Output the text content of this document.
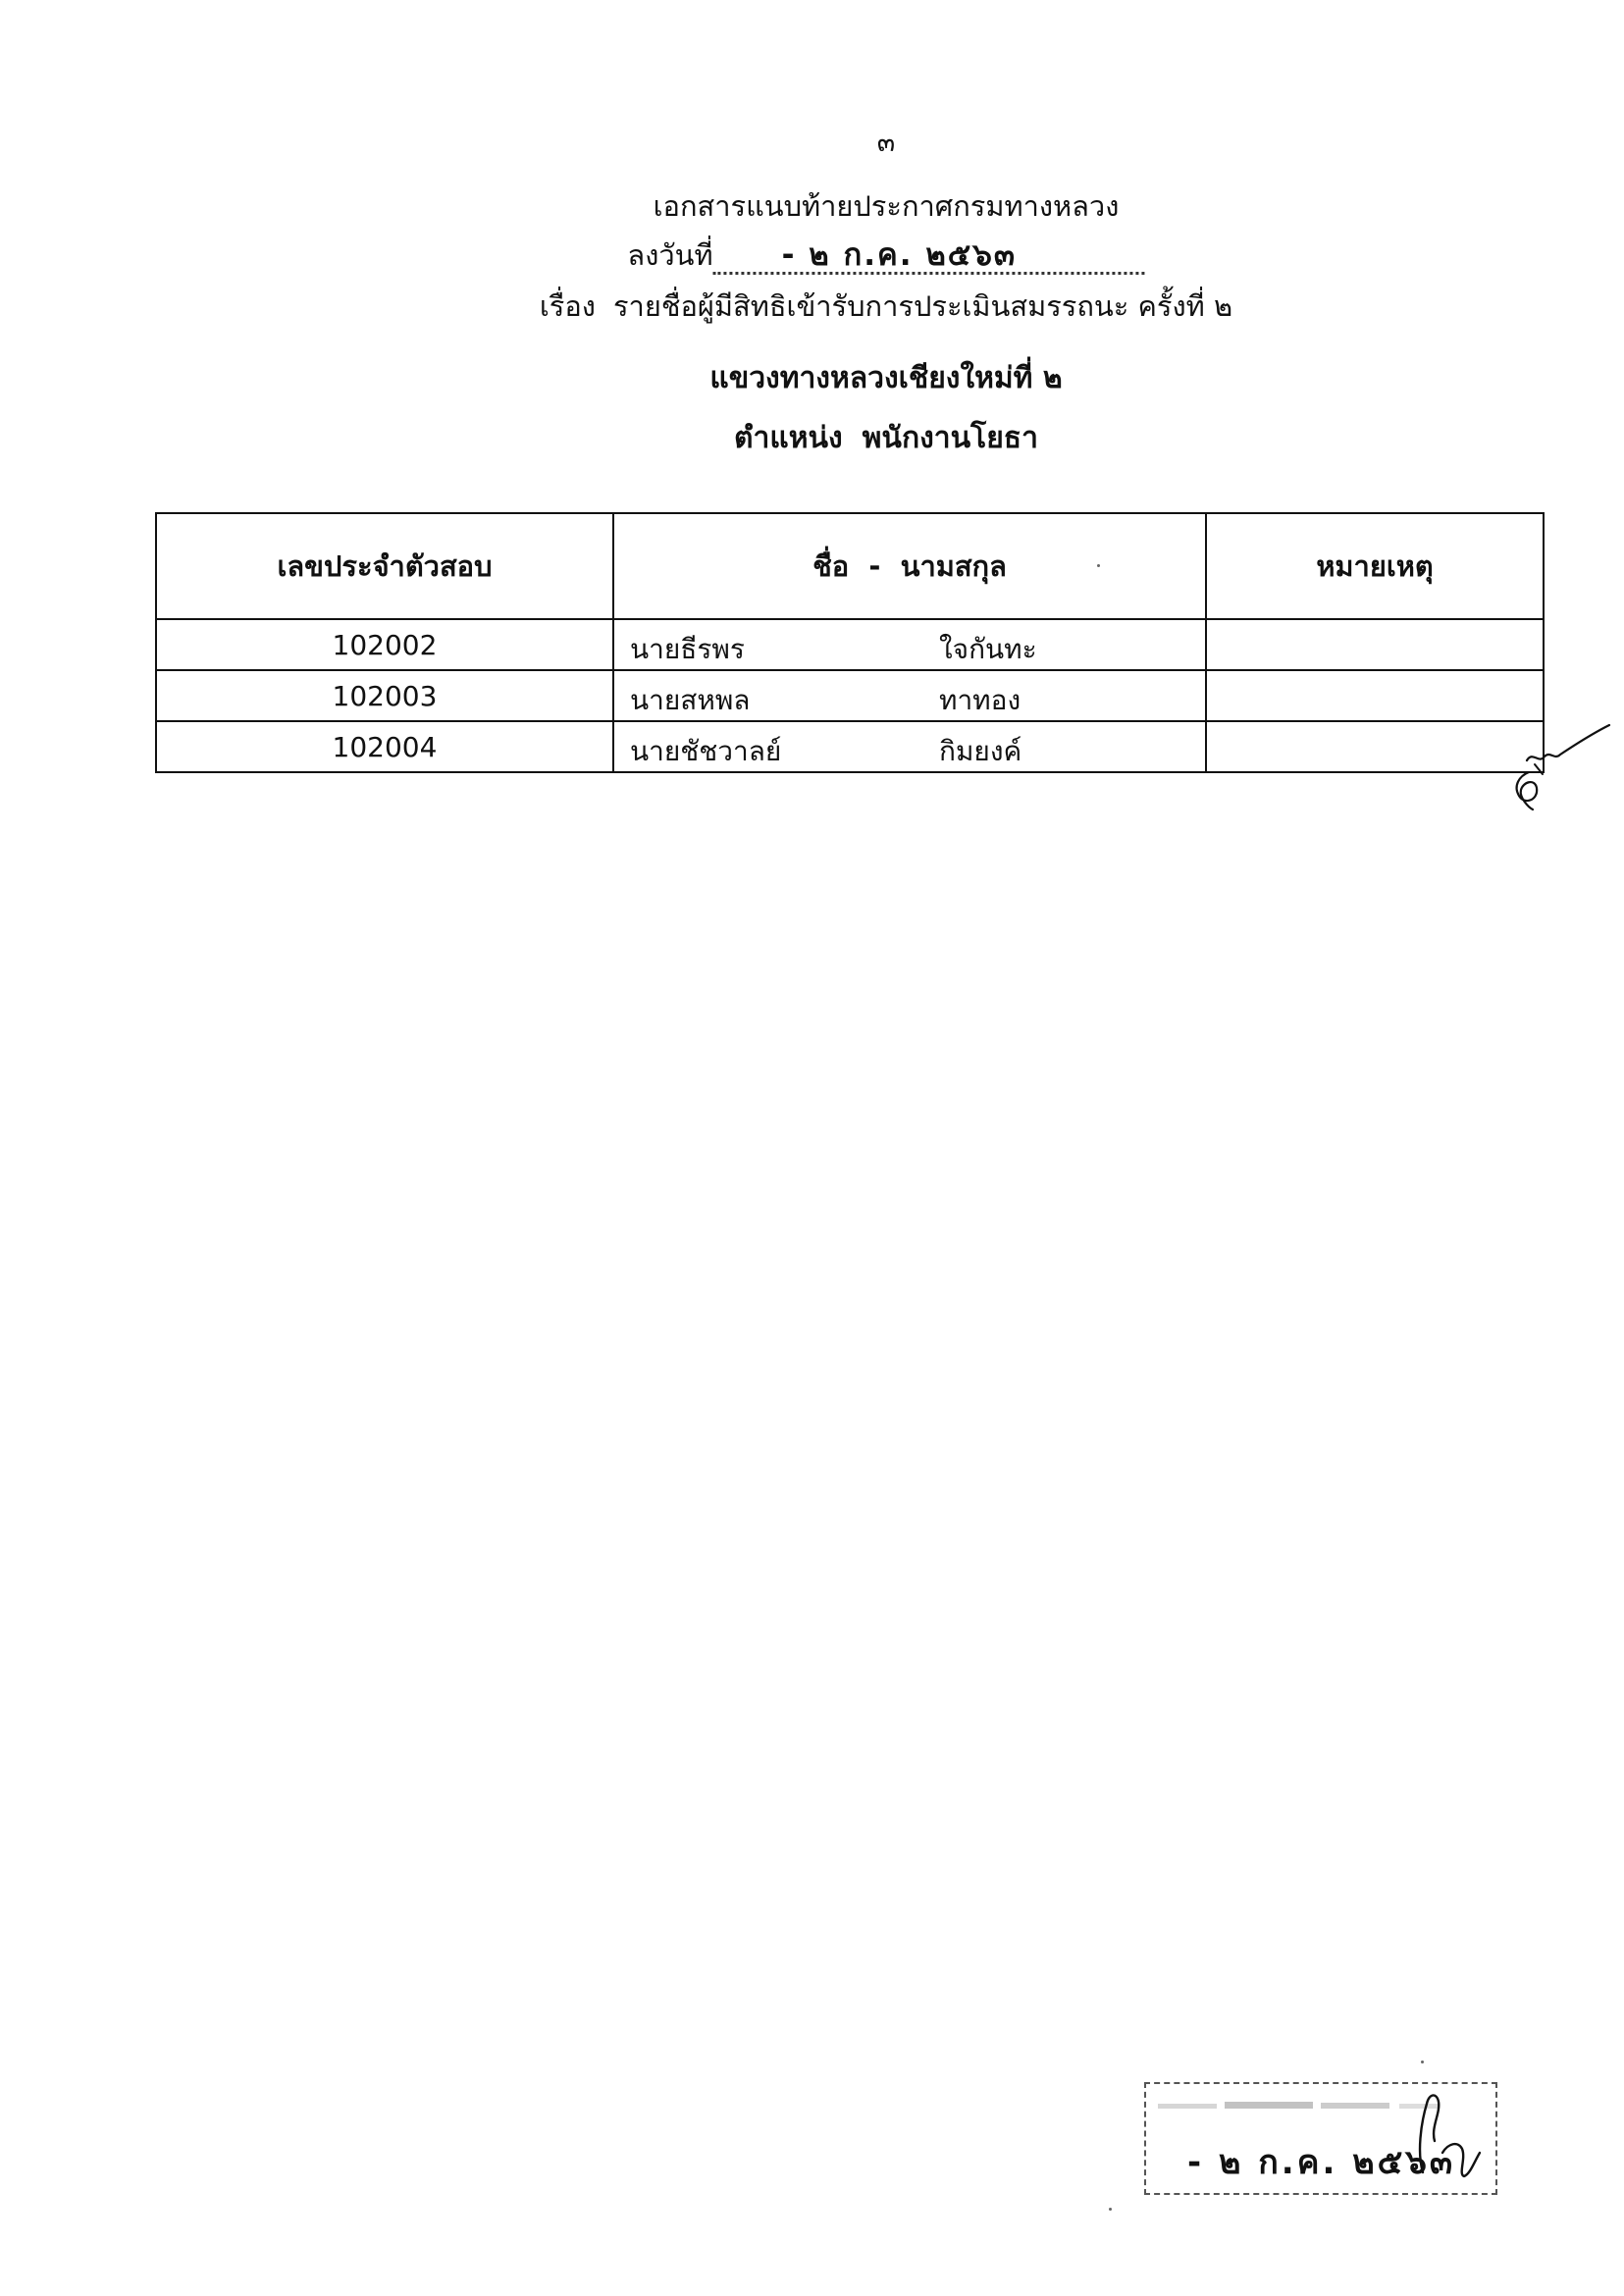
๓
เอกสารแนบท้ายประกาศกรมทางหลวง
ลงวันที่ - ๒ ก.ค. ๒๕๖๓
เรื่อง รายชื่อผู้มีสิทธิเข้ารับการประเมินสมรรถนะ ครั้งที่ ๒
แขวงทางหลวงเชียงใหม่ที่ ๒
ตำแหน่ง พนักงานโยธา
เลขประจำตัวสอบ	ชื่อ  -  นามสกุล	หมายเหตุ
102002	นายธีรพร ใจกันทะ	

102003	นายสหพล ทาทอง	

102004	นายชัชวาลย์ กิมยงค์	

- ๒ ก.ค. ๒๕๖๓
